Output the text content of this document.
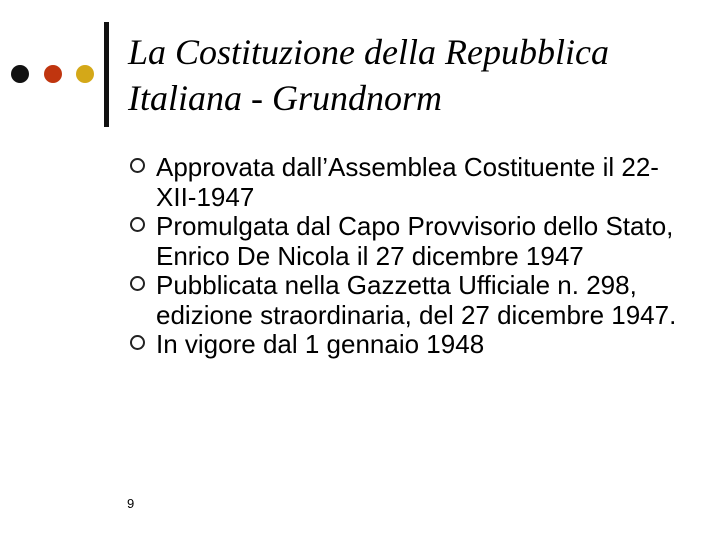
La Costituzione della Repubblica
Italiana - Grundnorm
Approvata dall’Assemblea Costituente il 22-XII-1947
Promulgata dal Capo Provvisorio dello Stato, Enrico De Nicola il 27 dicembre 1947
Pubblicata nella Gazzetta Ufficiale n. 298, edizione straordinaria, del 27 dicembre 1947.
In vigore dal 1 gennaio 1948
9
